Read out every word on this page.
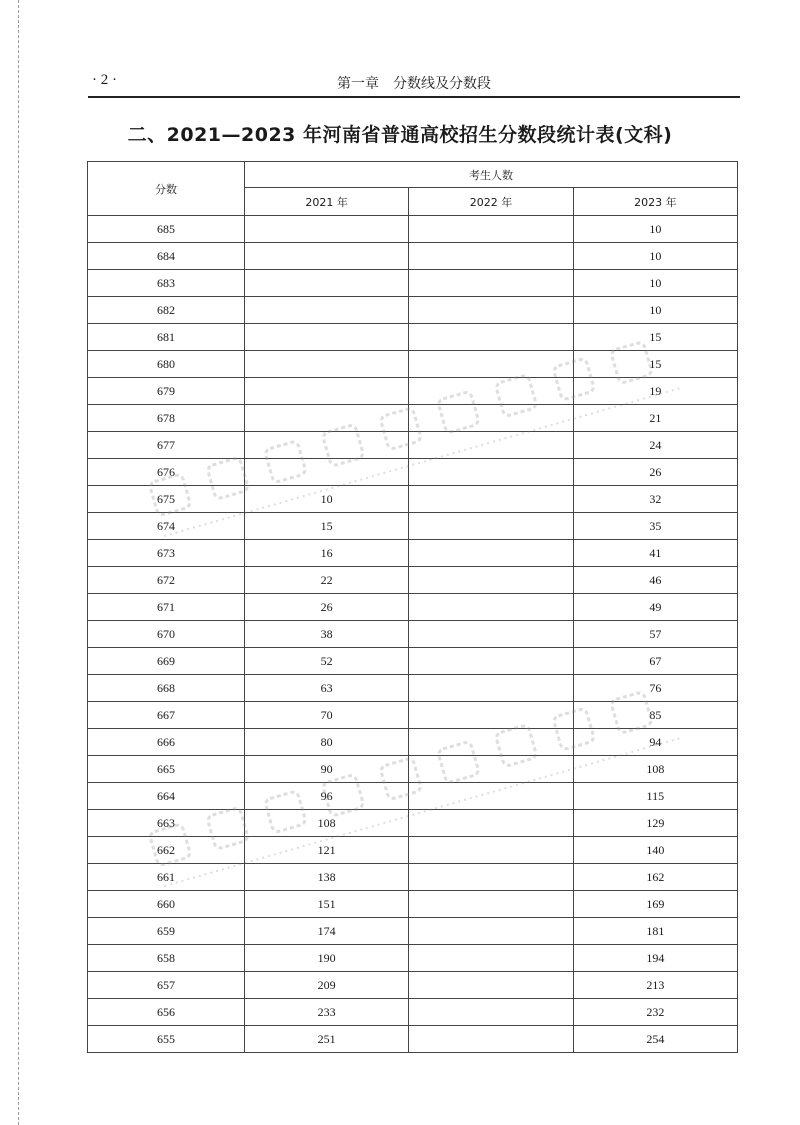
· 2 ·	第一章　分数线及分数段
二、2021—2023 年河南省普通高校招生分数段统计表(文科)
分数	考生人数		
	2021 年	2022 年	2023 年
685			10
684			10
683			10
682			10
681			15
680			15
679			19
678			21
677			24
676			26
675	10		32
674	15		35
673	16		41
672	22		46
671	26		49
670	38		57
669	52		67
668	63		76
667	70		85
666	80		94
665	90		108
664	96		115
663	108		129
662	121		140
661	138		162
660	151		169
659	174		181
658	190		194
657	209		213
656	233		232
655	251		254
